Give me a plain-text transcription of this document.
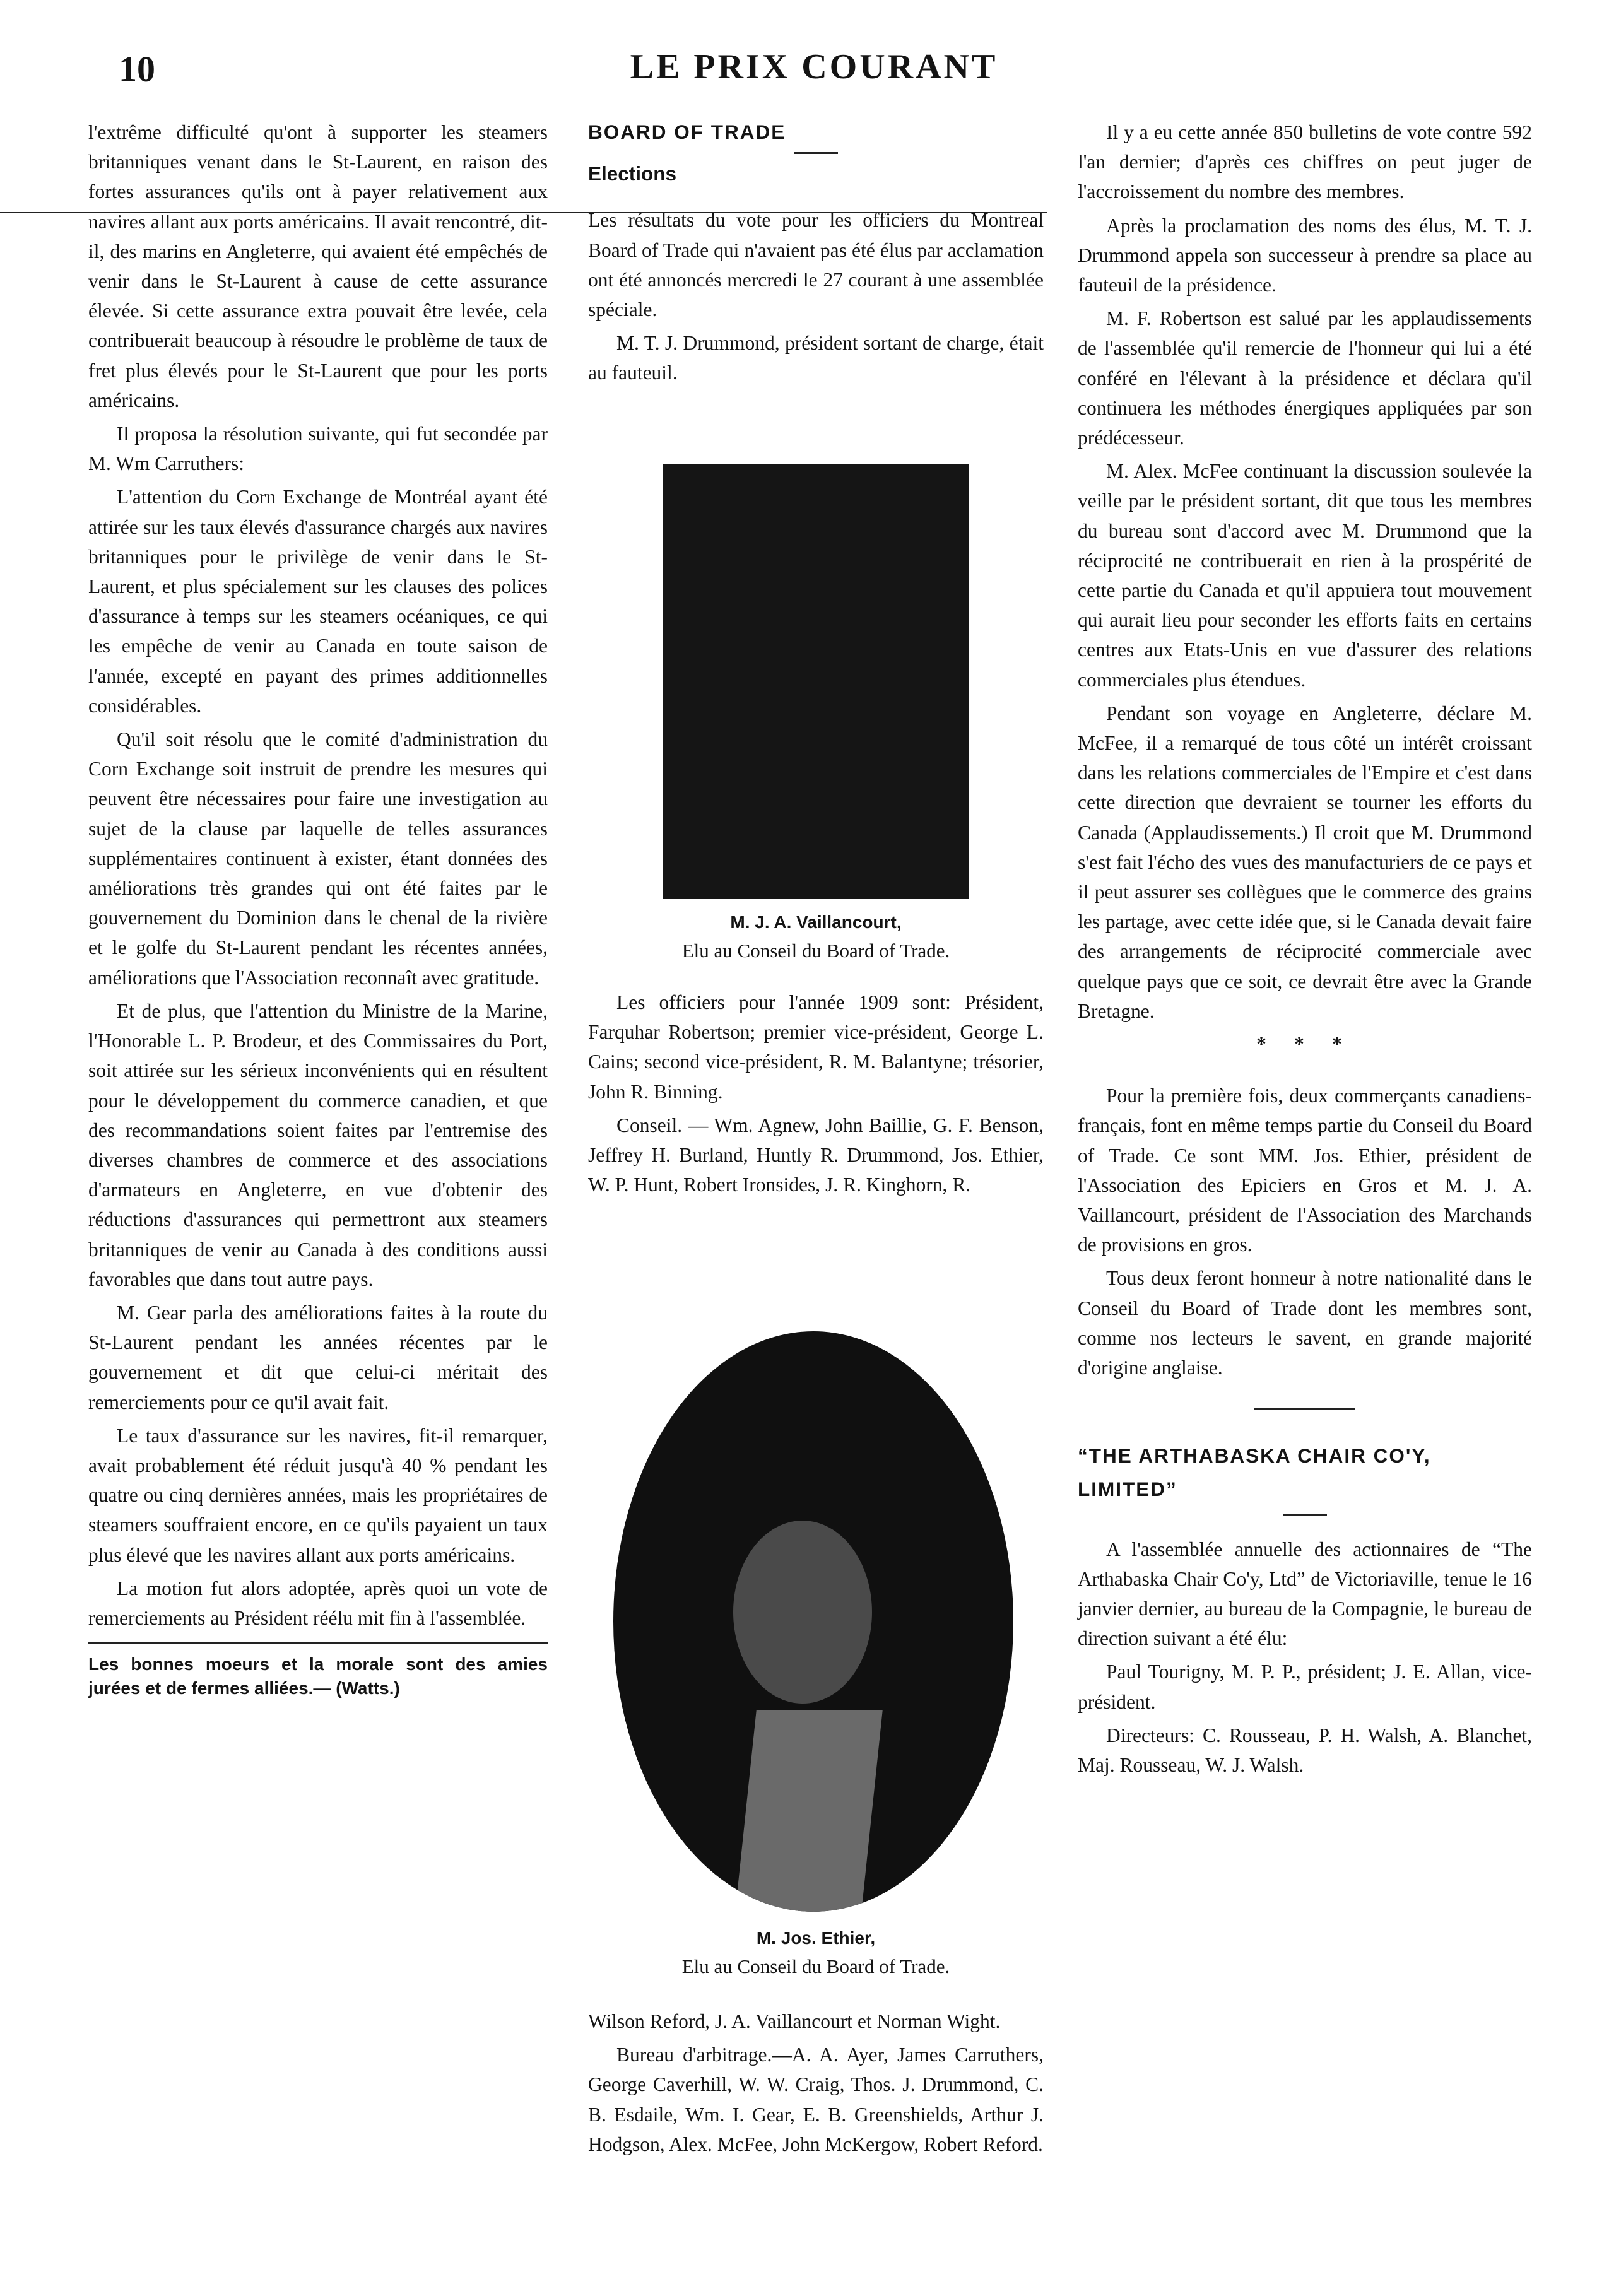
10	LE PRIX COURANT

l'extrême difficulté qu'ont à supporter les steamers britanniques venant dans le St-Laurent, en raison des fortes assurances qu'ils ont à payer relativement aux navires allant aux ports américains. Il avait rencontré, dit-il, des marins en Angleterre, qui avaient été empêchés de venir dans le St-Laurent à cause de cette assurance élevée. Si cette assurance extra pouvait être levée, cela contribuerait beaucoup à résoudre le problème de taux de fret plus élevés pour le St-Laurent que pour les ports américains.

Il proposa la résolution suivante, qui fut secondée par M. Wm Carruthers:

L'attention du Corn Exchange de Montréal ayant été attirée sur les taux élevés d'assurance chargés aux navires britanniques pour le privilège de venir dans le St-Laurent, et plus spécialement sur les clauses des polices d'assurance à temps sur les steamers océaniques, ce qui les empêche de venir au Canada en toute saison de l'année, excepté en payant des primes additionnelles considérables.

Qu'il soit résolu que le comité d'administration du Corn Exchange soit instruit de prendre les mesures qui peuvent être nécessaires pour faire une investigation au sujet de la clause par laquelle de telles assurances supplémentaires continuent à exister, étant données des améliorations très grandes qui ont été faites par le gouvernement du Dominion dans le chenal de la rivière et le golfe du St-Laurent pendant les récentes années, améliorations que l'Association reconnaît avec gratitude.

Et de plus, que l'attention du Ministre de la Marine, l'Honorable L. P. Brodeur, et des Commissaires du Port, soit attirée sur les sérieux inconvénients qui en résultent pour le développement du commerce canadien, et que des recommandations soient faites par l'entremise des diverses chambres de commerce et des associations d'armateurs en Angleterre, en vue d'obtenir des réductions d'assurances qui permettront aux steamers britanniques de venir au Canada à des conditions aussi favorables que dans tout autre pays.

M. Gear parla des améliorations faites à la route du St-Laurent pendant les années récentes par le gouvernement et dit que celui-ci méritait des remerciements pour ce qu'il avait fait.

Le taux d'assurance sur les navires, fit-il remarquer, avait probablement été réduit jusqu'à 40 % pendant les quatre ou cinq dernières années, mais les propriétaires de steamers souffraient encore, en ce qu'ils payaient un taux plus élevé que les navires allant aux ports américains.

La motion fut alors adoptée, après quoi un vote de remerciements au Président réélu mit fin à l'assemblée.

Les bonnes moeurs et la morale sont des amies jurées et de fermes alliées.— (Watts.)

BOARD OF TRADE

Elections

Les résultats du vote pour les officiers du Montreal Board of Trade qui n'avaient pas été élus par acclamation ont été annoncés mercredi le 27 courant à une assemblée spéciale.

M. T. J. Drummond, président sortant de charge, était au fauteuil.

M. J. A. Vaillancourt,
Elu au Conseil du Board of Trade.

Les officiers pour l'année 1909 sont: Président, Farquhar Robertson; premier vice-président, George L. Cains; second vice-président, R. M. Balantyne; trésorier, John R. Binning.

Conseil. — Wm. Agnew, John Baillie, G. F. Benson, Jeffrey H. Burland, Huntly R. Drummond, Jos. Ethier, W. P. Hunt, Robert Ironsides, J. R. Kinghorn, R.

M. Jos. Ethier,
Elu au Conseil du Board of Trade.

Wilson Reford, J. A. Vaillancourt et Norman Wight.

Bureau d'arbitrage.—A. A. Ayer, James Carruthers, George Caverhill, W. W. Craig, Thos. J. Drummond, C. B. Esdaile, Wm. I. Gear, E. B. Greenshields, Arthur J. Hodgson, Alex. McFee, John McKergow, Robert Reford.

Il y a eu cette année 850 bulletins de vote contre 592 l'an dernier; d'après ces chiffres on peut juger de l'accroissement du nombre des membres.

Après la proclamation des noms des élus, M. T. J. Drummond appela son successeur à prendre sa place au fauteuil de la présidence.

M. F. Robertson est salué par les applaudissements de l'assemblée qu'il remercie de l'honneur qui lui a été conféré en l'élevant à la présidence et déclara qu'il continuera les méthodes énergiques appliquées par son prédécesseur.

M. Alex. McFee continuant la discussion soulevée la veille par le président sortant, dit que tous les membres du bureau sont d'accord avec M. Drummond que la réciprocité ne contribuerait en rien à la prospérité de cette partie du Canada et qu'il appuiera tout mouvement qui aurait lieu pour seconder les efforts faits en certains centres aux Etats-Unis en vue d'assurer des relations commerciales plus étendues.

Pendant son voyage en Angleterre, déclare M. McFee, il a remarqué de tous côté un intérêt croissant dans les relations commerciales de l'Empire et c'est dans cette direction que devraient se tourner les efforts du Canada (Applaudissements.) Il croit que M. Drummond s'est fait l'écho des vues des manufacturiers de ce pays et il peut assurer ses collègues que le commerce des grains les partage, avec cette idée que, si le Canada devait faire des arrangements de réciprocité commerciale avec quelque pays que ce soit, ce devrait être avec la Grande Bretagne.

* * *

Pour la première fois, deux commerçants canadiens-français, font en même temps partie du Conseil du Board of Trade. Ce sont MM. Jos. Ethier, président de l'Association des Epiciers en Gros et M. J. A. Vaillancourt, président de l'Association des Marchands de provisions en gros.

Tous deux feront honneur à notre nationalité dans le Conseil du Board of Trade dont les membres sont, comme nos lecteurs le savent, en grande majorité d'origine anglaise.

“THE ARTHABASKA CHAIR CO'Y,

LIMITED”

A l'assemblée annuelle des actionnaires de “The Arthabaska Chair Co'y, Ltd” de Victoriaville, tenue le 16 janvier dernier, au bureau de la Compagnie, le bureau de direction suivant a été élu:

Paul Tourigny, M. P. P., président; J. E. Allan, vice-président.

Directeurs: C. Rousseau, P. H. Walsh, A. Blanchet, Maj. Rousseau, W. J. Walsh.
